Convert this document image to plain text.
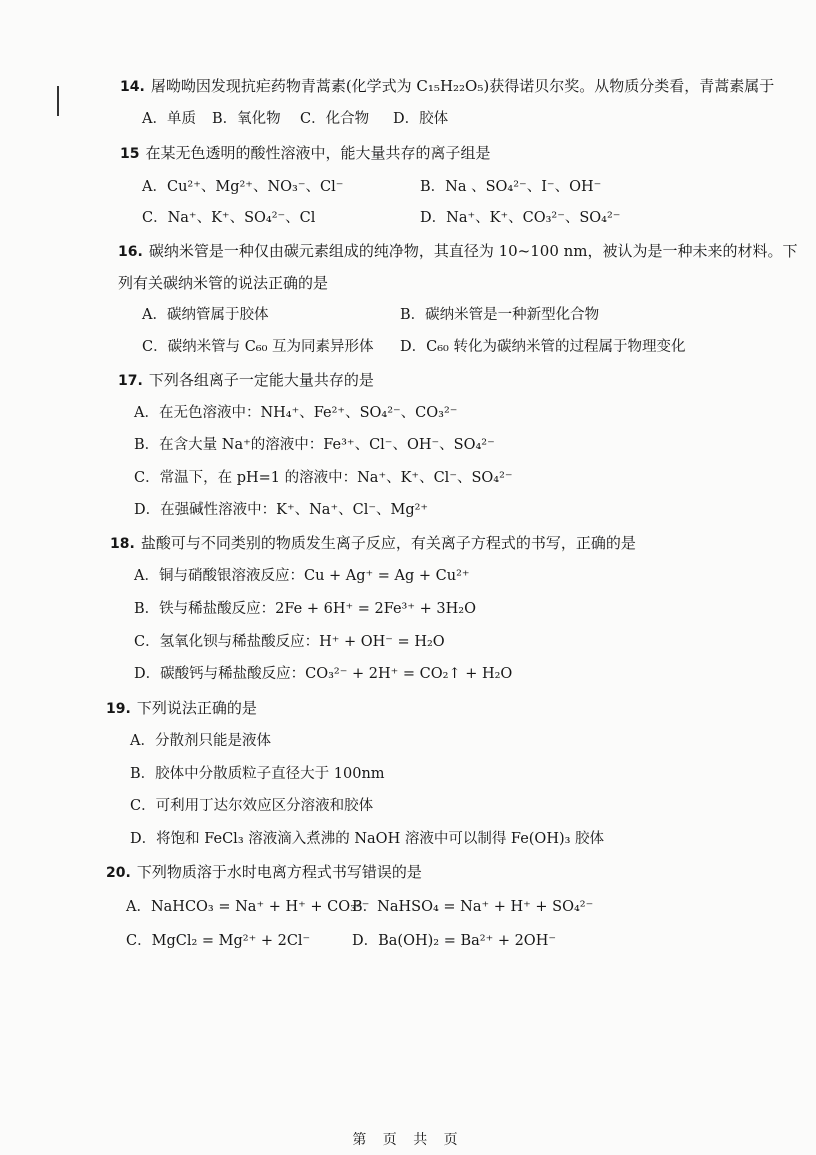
14. 屠呦呦因发现抗疟药物青蒿素(化学式为 C₁₅H₂₂O₅)获得诺贝尔奖。从物质分类看，青蒿素属于
A．单质 B．氧化物 C．化合物 D．胶体
15 在某无色透明的酸性溶液中，能大量共存的离子组是
A．Cu²⁺、Mg²⁺、NO₃⁻、Cl⁻	B．Na 、SO₄²⁻、I⁻、OH⁻
C．Na⁺、K⁺、SO₄²⁻、Cl	D．Na⁺、K⁺、CO₃²⁻、SO₄²⁻
16. 碳纳米管是一种仅由碳元素组成的纯净物，其直径为 10~100 nm，被认为是一种未来的材料。下
列有关碳纳米管的说法正确的是
A．碳纳管属于胶体	B．碳纳米管是一种新型化合物
C．碳纳米管与 C₆₀ 互为同素异形体 D．C₆₀ 转化为碳纳米管的过程属于物理变化
17. 下列各组离子一定能大量共存的是
A．在无色溶液中：NH₄⁺、Fe²⁺、SO₄²⁻、CO₃²⁻
B．在含大量 Na⁺的溶液中：Fe³⁺、Cl⁻、OH⁻、SO₄²⁻
C．常温下，在 pH=1 的溶液中：Na⁺、K⁺、Cl⁻、SO₄²⁻
D．在强碱性溶液中：K⁺、Na⁺、Cl⁻、Mg²⁺
18. 盐酸可与不同类别的物质发生离子反应，有关离子方程式的书写，正确的是
A．铜与硝酸银溶液反应：Cu + Ag⁺ = Ag + Cu²⁺
B．铁与稀盐酸反应：2Fe + 6H⁺ = 2Fe³⁺ + 3H₂O
C．氢氧化钡与稀盐酸反应：H⁺ + OH⁻ = H₂O
D．碳酸钙与稀盐酸反应：CO₃²⁻ + 2H⁺ = CO₂↑ + H₂O
19. 下列说法正确的是
A．分散剂只能是液体
B．胶体中分散质粒子直径大于 100nm
C．可利用丁达尔效应区分溶液和胶体
D．将饱和 FeCl₃ 溶液滴入煮沸的 NaOH 溶液中可以制得 Fe(OH)₃ 胶体
20. 下列物质溶于水时电离方程式书写错误的是
A．NaHCO₃ = Na⁺ + H⁺ + CO₃²⁻
B．NaHSO₄ = Na⁺ + H⁺ + SO₄²⁻
C．MgCl₂ = Mg²⁺ + 2Cl⁻	D．Ba(OH)₂ = Ba²⁺ + 2OH⁻
第 页 共 页
